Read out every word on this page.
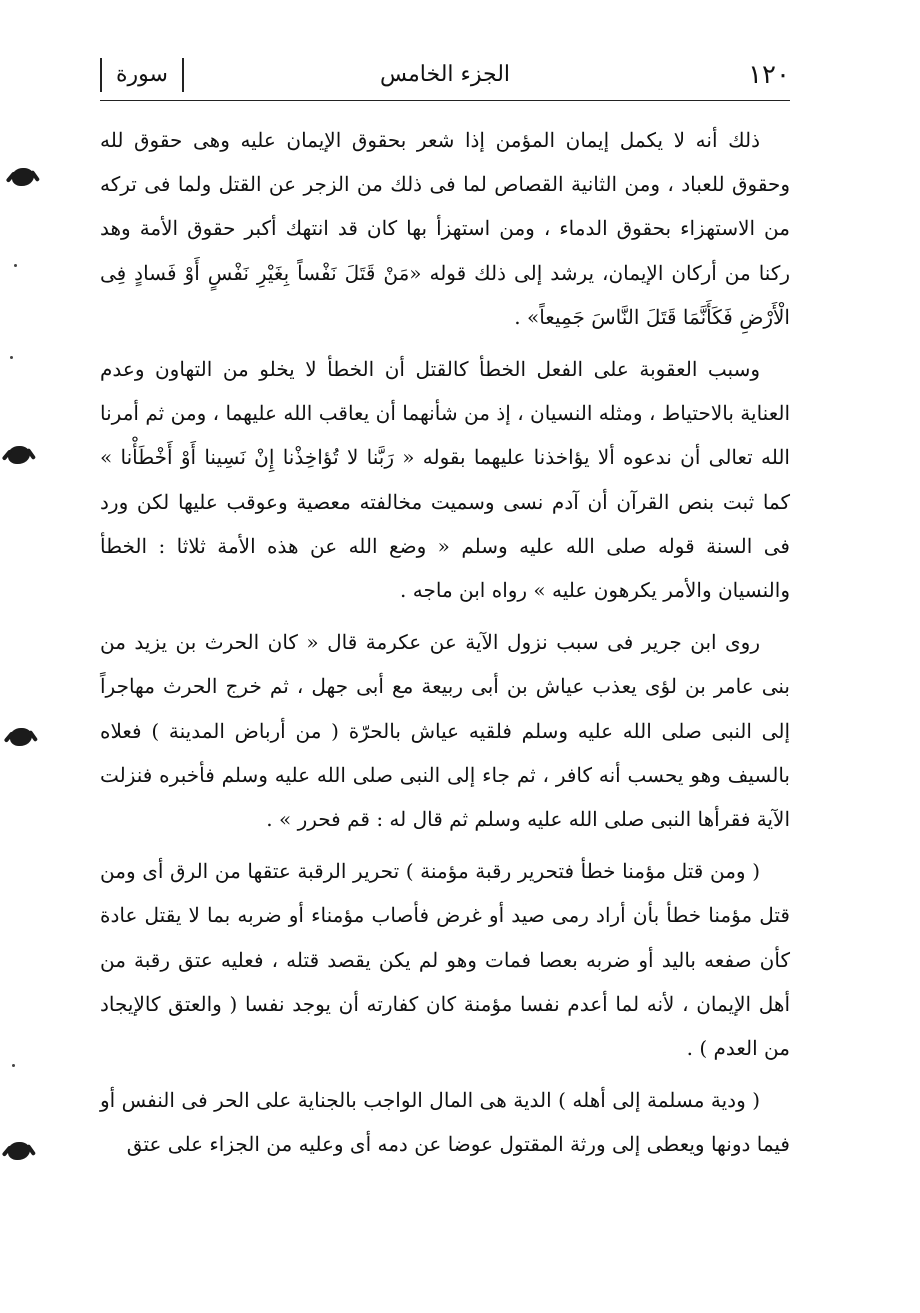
١٢٠
الجزء الخامس
سورة

ذلك أنه لا يكمل إيمان المؤمن إذا شعر بحقوق الإيمان عليه وهى حقوق لله وحقوق للعباد ، ومن الثانية القصاص لما فى ذلك من الزجر عن القتل ولما فى تركه من الاستهزاء بحقوق الدماء ، ومن استهزأ بها كان قد انتهك أكبر حقوق الأمة وهد ركنا من أركان الإيمان، يرشد إلى ذلك قوله «مَنْ قَتَلَ نَفْساً بِغَيْرِ نَفْسٍ أَوْ فَسادٍ فِى الْأَرْضِ فَكَأَنَّمَا قَتَلَ النَّاسَ جَمِيعاً» .

وسبب العقوبة على الفعل الخطأ كالقتل أن الخطأ لا يخلو من التهاون وعدم العناية بالاحتياط ، ومثله النسيان ، إذ من شأنهما أن يعاقب الله عليهما ، ومن ثم أمرنا الله تعالى أن ندعوه ألا يؤاخذنا عليهما بقوله « رَبَّنا لا تُؤاخِذْنا إِنْ نَسِينا أَوْ أَخْطَأْنا » كما ثبت بنص القرآن أن آدم نسى وسميت مخالفته معصية وعوقب عليها لكن ورد فى السنة قوله صلى الله عليه وسلم « وضع الله عن هذه الأمة ثلاثا : الخطأ والنسيان والأمر يكرهون عليه » رواه ابن ماجه .

روى ابن جرير فى سبب نزول الآية عن عكرمة قال « كان الحرث بن يزيد من بنى عامر بن لؤى يعذب عياش بن أبى ربيعة مع أبى جهل ، ثم خرج الحرث مهاجراً إلى النبى صلى الله عليه وسلم فلقيه عياش بالحرّة ( من أرباض المدينة ) فعلاه بالسيف وهو يحسب أنه كافر ، ثم جاء إلى النبى صلى الله عليه وسلم فأخبره فنزلت الآية فقرأها النبى صلى الله عليه وسلم ثم قال له : قم فحرر » .

( ومن قتل مؤمنا خطأ فتحرير رقبة مؤمنة ) تحرير الرقبة عتقها من الرق أى ومن قتل مؤمنا خطأ بأن أراد رمى صيد أو غرض فأصاب مؤمناء أو ضربه بما لا يقتل عادة كأن صفعه باليد أو ضربه بعصا فمات وهو لم يكن يقصد قتله ، فعليه عتق رقبة من أهل الإيمان ، لأنه لما أعدم نفسا مؤمنة كان كفارته أن يوجد نفسا ( والعتق كالإيجاد من العدم ) .

( ودية مسلمة إلى أهله ) الدية هى المال الواجب بالجناية على الحر فى النفس أو فيما دونها ويعطى إلى ورثة المقتول عوضا عن دمه أى وعليه من الجزاء على عتق
